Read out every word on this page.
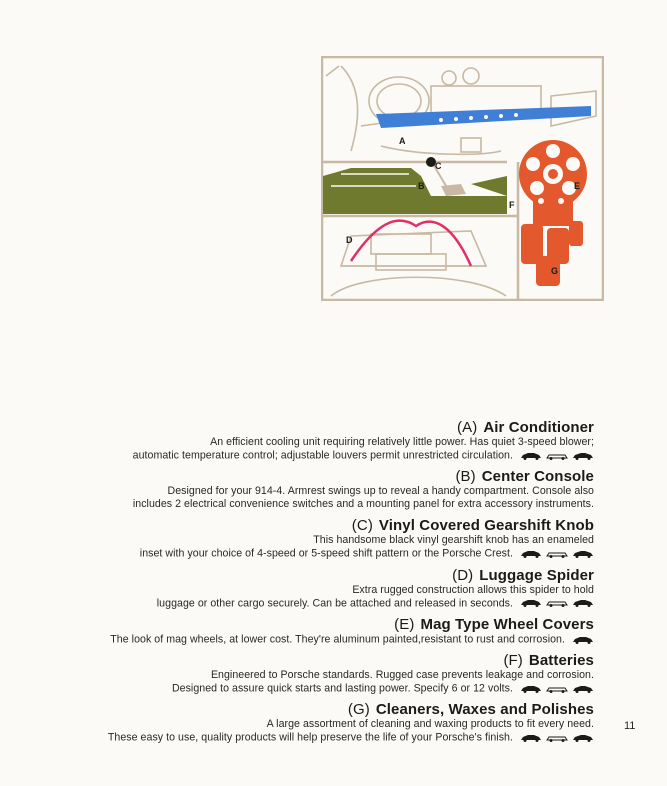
A
C
B
D
E
F
G
(A) Air Conditioner
An efficient cooling unit requiring relatively little power. Has quiet 3-speed blower;
automatic temperature control; adjustable louvers permit unrestricted circulation.

(B) Center Console
Designed for your 914-4. Armrest swings up to reveal a handy compartment. Console also
includes 2 electrical convenience switches and a mounting panel for extra accessory instruments.
(C) Vinyl Covered Gearshift Knob
This handsome black vinyl gearshift knob has an enameled
inset with your choice of 4-speed or 5-speed shift pattern or the Porsche Crest.

(D) Luggage Spider
Extra rugged construction allows this spider to hold
luggage or other cargo securely. Can be attached and released in seconds.

(E) Mag Type Wheel Covers
The look of mag wheels, at lower cost. They're aluminum painted,resistant to rust and corrosion.
(F) Batteries
Engineered to Porsche standards. Rugged case prevents leakage and corrosion.
Designed to assure quick starts and lasting power. Specify 6 or 12 volts.

(G) Cleaners, Waxes and Polishes
A large assortment of cleaning and waxing products to fit every need.
These easy to use, quality products will help preserve the life of your Porsche's finish.

11
